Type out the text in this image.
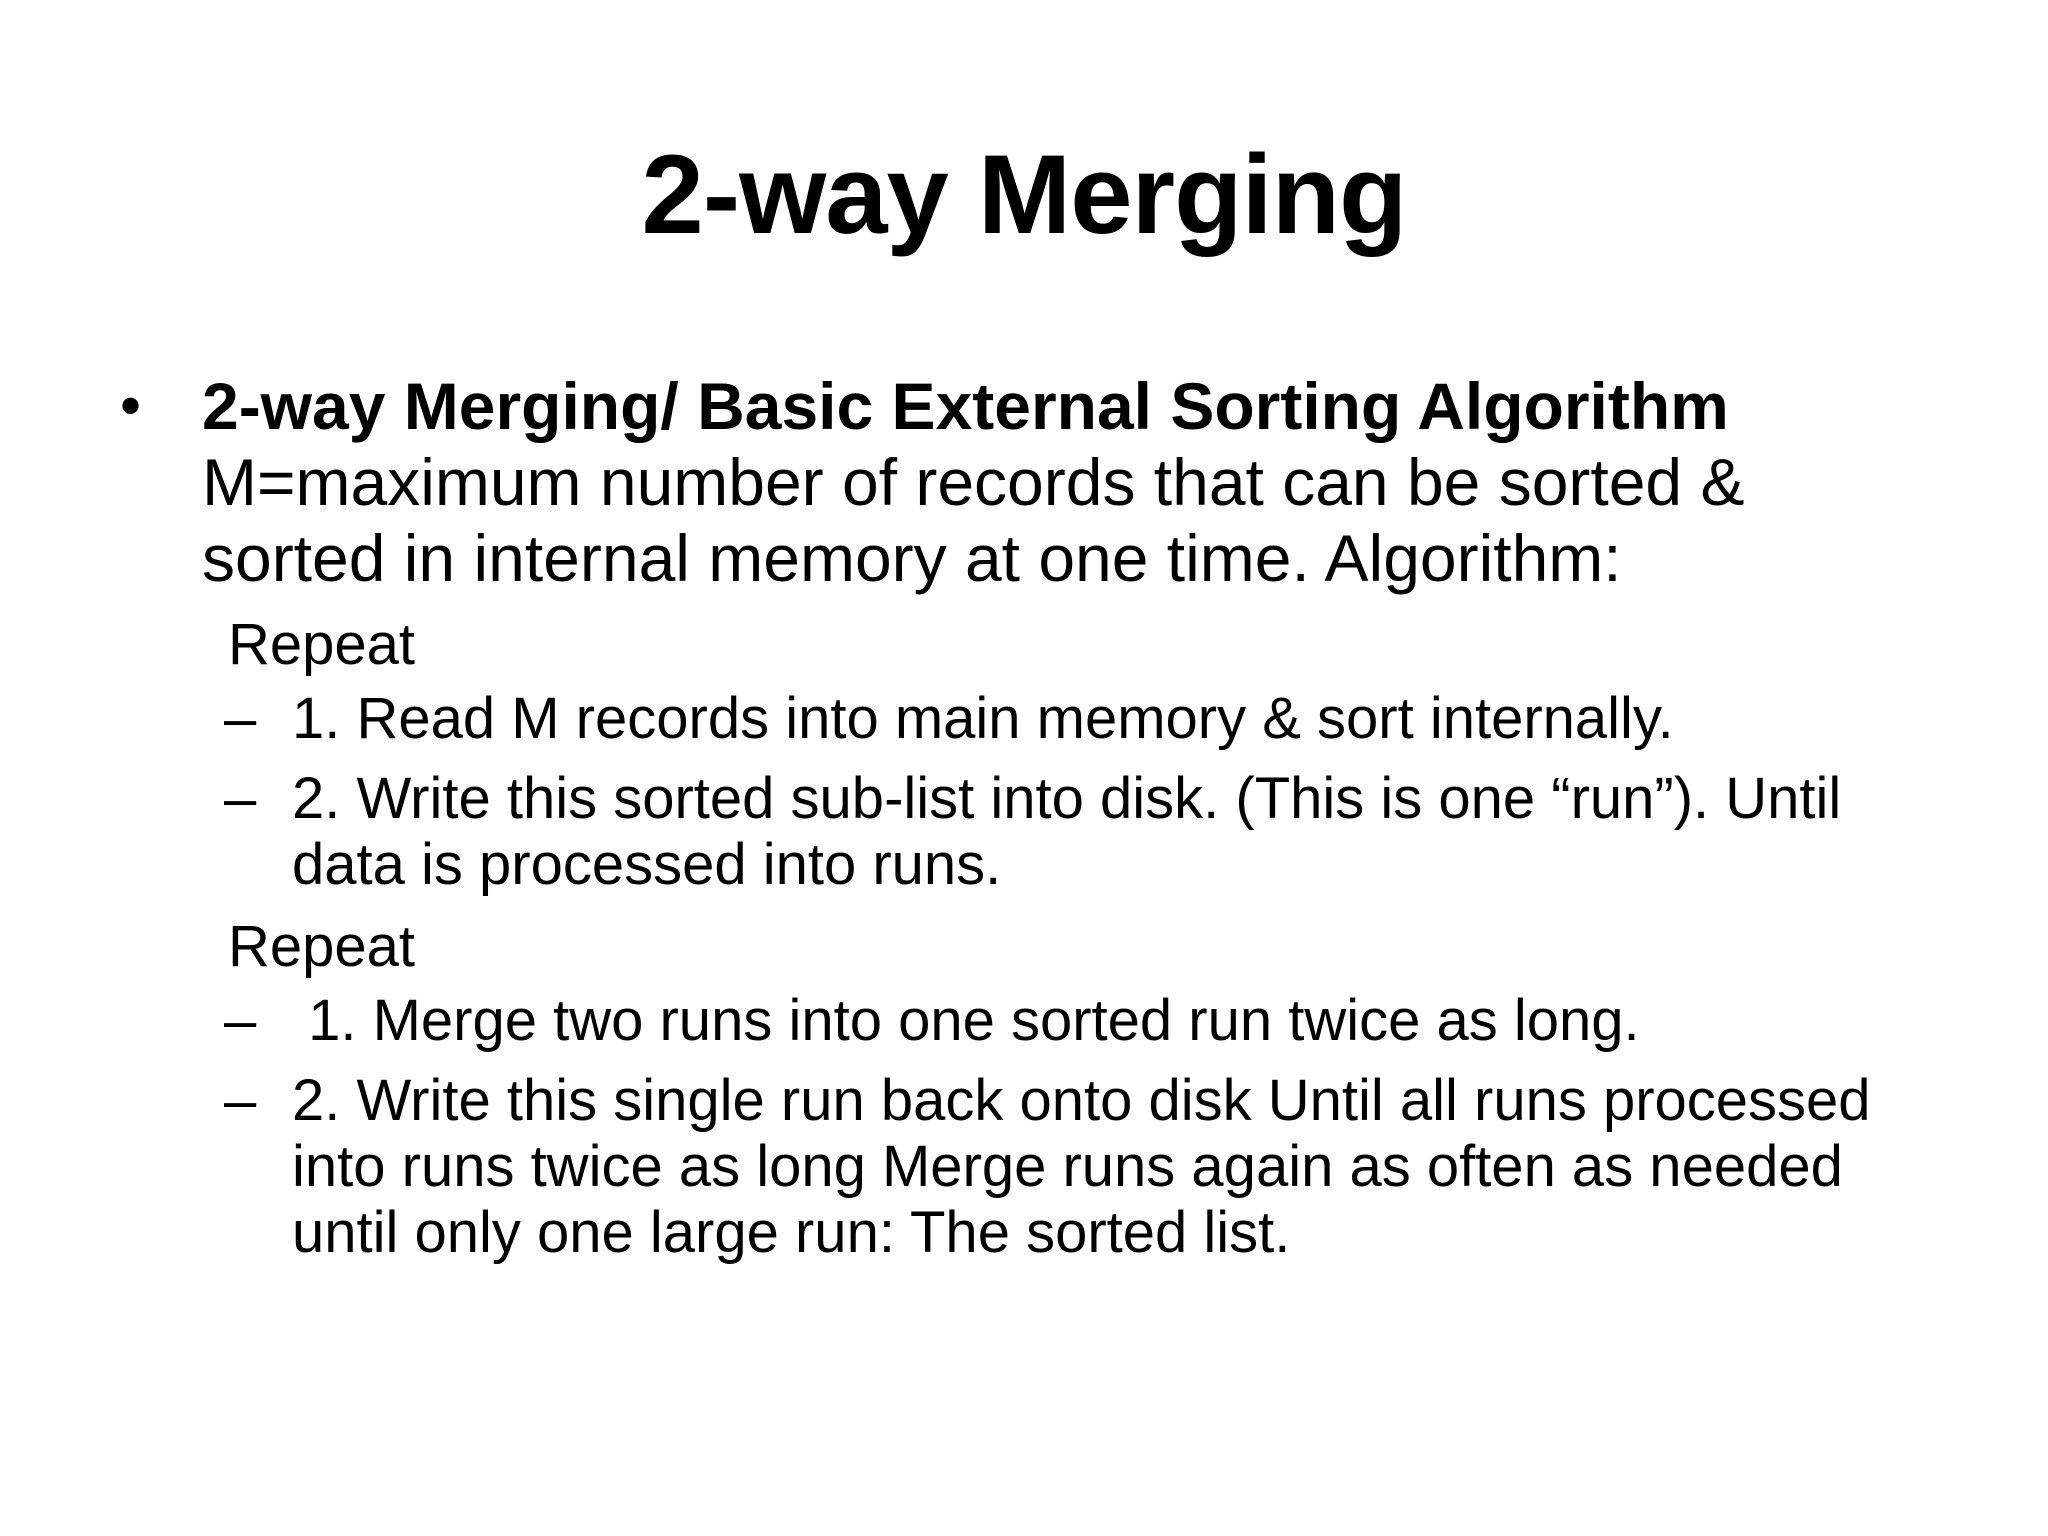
2-way Merging
• 2-way Merging/ Basic External Sorting Algorithm
M=maximum number of records that can be sorted & sorted in internal memory at one time. Algorithm:
Repeat
– 1. Read M records into main memory & sort internally.
– 2. Write this sorted sub-list into disk. (This is one “run”). Until data is processed into runs.
Repeat
– 1. Merge two runs into one sorted run twice as long.
– 2. Write this single run back onto disk Until all runs processed into runs twice as long Merge runs again as often as needed until only one large run: The sorted list.
